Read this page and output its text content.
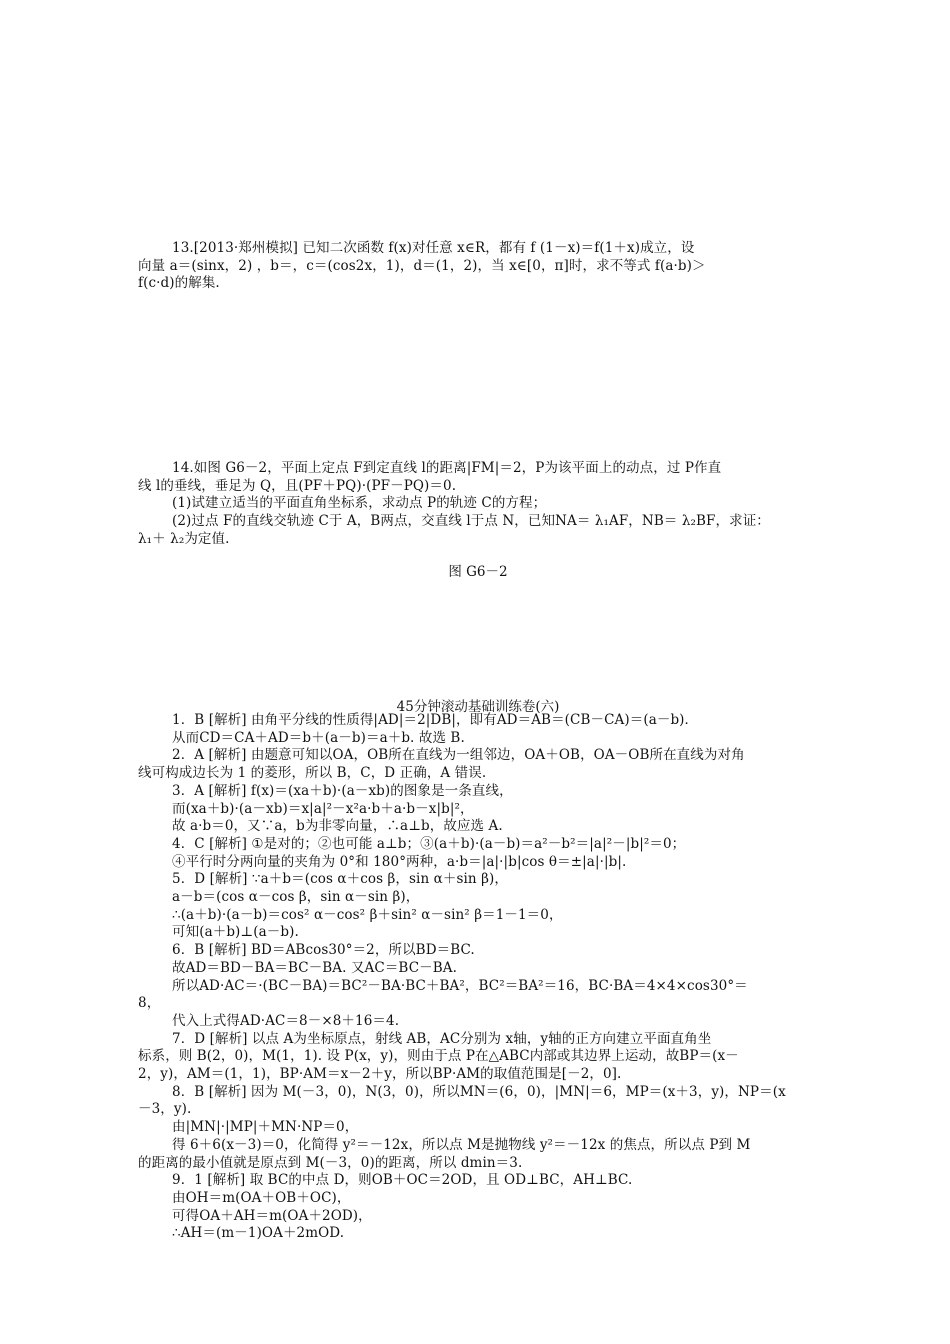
13.[2013·郑州模拟] 已知二次函数 f(x)对任意 x∈R，都有 f (1－x)＝f(1＋x)成立，设
向量 a＝(sinx，2) ，b＝，c＝(cos2x，1)，d＝(1，2)，当 x∈[0，π]时，求不等式 f(a·b)＞
f(c·d)的解集.
14.如图 G6－2，平面上定点 F到定直线 l的距离|FM|＝2，P为该平面上的动点，过 P作直
线 l的垂线，垂足为 Q，且(PF＋PQ)·(PF－PQ)＝0.
(1)试建立适当的平面直角坐标系，求动点 P的轨迹 C的方程；
(2)过点 F的直线交轨迹 C于 A，B两点，交直线 l于点 N，已知NA＝ λ₁AF，NB＝ λ₂BF，求证：
λ₁＋ λ₂为定值.
图 G6－2
45分钟滚动基础训练卷(六)
1．B [解析] 由角平分线的性质得|AD|＝2|DB|，即有AD＝AB＝(CB－CA)＝(a－b)．
从而CD＝CA＋AD＝b＋(a－b)＝a＋b. 故选 B.
2．A [解析] 由题意可知以OA，OB所在直线为一组邻边，OA＋OB，OA－OB所在直线为对角
线可构成边长为 1 的菱形，所以 B，C，D 正确，A 错误.
3．A [解析] f(x)＝(xa＋b)·(a－xb)的图象是一条直线，
而(xa＋b)·(a－xb)＝x|a|²－x²a·b＋a·b－x|b|²，
故 a·b＝0，又∵a，b为非零向量，∴a⊥b，故应选 A.
4．C [解析] ①是对的；②也可能 a⊥b；③(a＋b)·(a－b)＝a²－b²＝|a|²－|b|²＝0；
④平行时分两向量的夹角为 0°和 180°两种，a·b＝|a|·|b|cos θ＝±|a|·|b|.
5．D [解析] ∵a＋b＝(cos α＋cos β，sin α＋sin β)，
a－b＝(cos α－cos β，sin α－sin β)，
∴(a＋b)·(a－b)＝cos² α－cos² β＋sin² α－sin² β＝1－1＝0，
可知(a＋b)⊥(a－b).
6．B [解析] BD＝ABcos30°＝2，所以BD＝BC.
故AD＝BD－BA＝BC－BA. 又AC＝BC－BA.
所以AD·AC＝·(BC－BA)＝BC²－BA·BC＋BA²，BC²＝BA²＝16，BC·BA＝4×4×cos30°＝
8，
代入上式得AD·AC＝8－×8＋16＝4.
7．D [解析] 以点 A为坐标原点，射线 AB，AC分别为 x轴，y轴的正方向建立平面直角坐
标系，则 B(2，0)，M(1，1). 设 P(x，y)，则由于点 P在△ABC内部或其边界上运动，故BP＝(x－
2，y)，AM＝(1，1)，BP·AM＝x－2＋y，所以BP·AM的取值范围是[－2，0].
8．B [解析] 因为 M(－3，0)，N(3，0)，所以MN＝(6，0)，|MN|＝6，MP＝(x＋3，y)，NP＝(x
－3，y).
由|MN|·|MP|＋MN·NP＝0，
得 6＋6(x－3)＝0，化简得 y²＝－12x，所以点 M是抛物线 y²＝－12x 的焦点，所以点 P到 M
的距离的最小值就是原点到 M(－3，0)的距离，所以 dmin＝3.
9．1 [解析] 取 BC的中点 D，则OB＋OC＝2OD，且 OD⊥BC，AH⊥BC.
由OH＝m(OA＋OB＋OC)，
可得OA＋AH＝m(OA＋2OD)，
∴AH＝(m－1)OA＋2mOD.
